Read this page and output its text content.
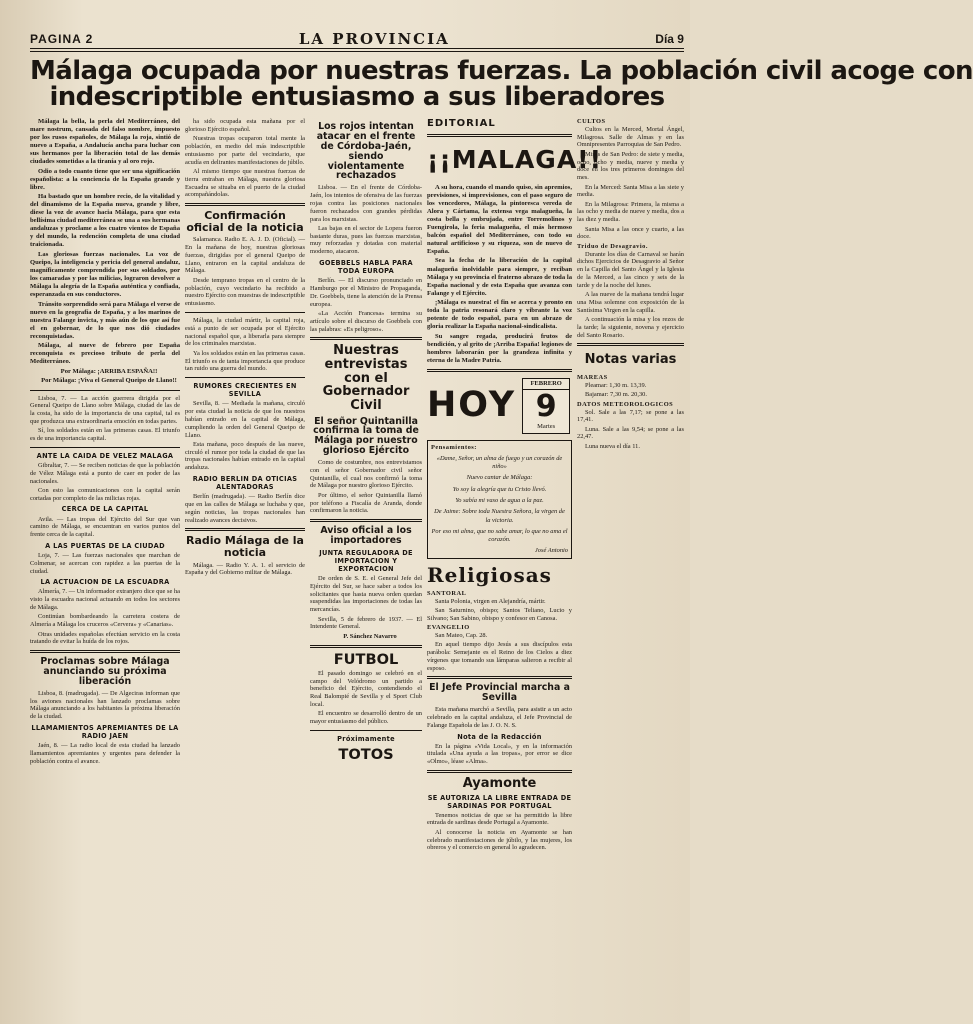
PAGINA 2	LA PROVINCIA	Día 9
Málaga ocupada por nuestras fuerzas. La población civil acoge con
indescriptible entusiasmo a sus liberadores

Málaga la bella, la perla del Mediterráneo, del mare nostrum, cansada del falso nombre, impuesto por los rusos españoles, de Málaga la roja, sintió de nuevo a España, a Andalucía ancha para luchar con sus hermanos por la liberación total de las demás ciudades sometidas a la tiranía y al oro rojo.

Odio a todo cuanto tiene que ser una significación españolista: a la conciencia de la España grande y libre.

Ha bastado que un hombre recio, de la vitalidad y del dinamismo de la España nueva, grande y libre, diese la voz de avance hacia Málaga, para que esta bellísima ciudad mediterránea se una a sus hermanas andaluzas y proclame a los cuatro vientos de España y del mundo, la redención completa de una ciudad traicionada.

Las gloriosas fuerzas nacionales. La voz de Queipo, la inteligencia y pericia del general andaluz, magníficamente comprendida por sus soldados, por los camaradas y por las milicias, lograron devolver a Málaga la alegría de la España auténtica y confiada, esperanzada en sus conductores.

Tránsito sorprendido será para Málaga el verse de nuevo en la geografía de España, y a los marinos de nuestra Falange invicta, y más aún de los que así fue el en gobernar, de lo que nos dió ciudades reconquistadas.

Málaga, al nueve de febrero por España reconquista es precioso tributo de perla del Mediterráneo.

Por Málaga: ¡ARRIBA ESPAÑA!!

Por Málaga: ¡Viva el General Queipo de Llano!!

Lisboa, 7. — La acción guerrera dirigida por el General Queipo de Llano sobre Málaga, ciudad de las de la costa, ha sido de la importancia de una capital, tal es que produzca una extraordinaria emoción en todas partes.

Sí, los soldados están en las primeras casas. El triunfo es de una importancia capital.

ANTE LA CAIDA DE VELEZ MALAGA

Gibraltar, 7. — Se reciben noticias de que la población de Vélez Málaga está a punto de caer en poder de las nacionales.

Con esto las comunicaciones con la capital serán cortadas por completo de las milicias rojas.

CERCA DE LA CAPITAL

Avila. — Las tropas del Ejército del Sur que van camino de Málaga, se encuentran en varios puntos del frente cerca de la capital.

A LAS PUERTAS DE LA CIUDAD

Loja, 7. — Las fuerzas nacionales que marchan de Colmenar, se acercan con rapidez a las puertas de la ciudad.

LA ACTUACION DE LA ESCUADRA

Almería, 7. — Un informador extranjero dice que se ha visto la escuadra nacional actuando en todos los sectores de Málaga.

Continúan bombardeando la carretera costera de Almería a Málaga los cruceros «Cervera» y «Canarias».

Otras unidades españolas efectúan servicio en la costa tratando de evitar la huída de los rojos.

Proclamas sobre Málaga anunciando su próxima liberación

Lisboa, 8. (madrugada). — De Algeciras informan que los aviones nacionales han lanzado proclamas sobre Málaga anunciando a los habitantes la próxima liberación de la ciudad.

LLAMAMIENTOS APREMIANTES DE LA RADIO JAEN

Jaén, 8. — La radio local de esta ciudad ha lanzado llamamientos apremiantes y urgentes para defender la población contra el avance.

ha sido ocupada esta mañana por el glorioso Ejército español.

Nuestras tropas ocuparon total mente la población, en medio del más indescriptible entusiasmo por parte del vecindario, que acudía en delirantes manifestaciones de júbilo.

Al mismo tiempo que nuestras fuerzas de tierra entraban en Málaga, nuestra gloriosa Escuadra se situaba en el puerto de la ciudad acompañándolas.

Confirmación oficial de la noticia

Salamanca. Radio E. A. J. D. (Oficial). — En la mañana de hoy, nuestras gloriosas fuerzas, dirigidas por el general Queipo de Llano, entraron en la capital andaluza de Málaga.

Desde temprano tropas en el centro de la población, cuyo vecindario ha recibido a nuestro Ejército con muestras de indescriptible entusiasmo.

Málaga, la ciudad mártir, la capital roja, está a punto de ser ocupada por el Ejército nacional español que, a liberarla para siempre de los criminales marxistas.

Ya los soldados están en las primeras casas. El triunfo es de tanta importancia que produce tan ruido una guerra del mundo.

RUMORES CRECIENTES EN SEVILLA

Sevilla, 8. — Mediada la mañana, circuló por esta ciudad la noticia de que los nuestros habían entrado en la capital de Málaga, cumpliendo la orden del General Queipo de Llano.

Esta mañana, poco después de las nueve, circuló el rumor por toda la ciudad de que las tropas nacionales habían entrado en la capital andaluza.

RADIO BERLIN DA OTICIAS ALENTADORAS

Berlín (madrugada). — Radio Berlín dice que en las calles de Málaga se luchaba y que, según noticias, las tropas nacionales han realizado avances decisivos.

Radio Málaga de la noticia

Málaga. — Radio Y. A. 1. el servicio de España y del Gobierno militar de Málaga.

Los rojos intentan atacar en el frente de Córdoba-Jaén, siendo violentamente rechazados

Lisboa. — En el frente de Córdoba-Jaén, los intentos de ofensiva de las fuerzas rojas contra las posiciones nacionales fueron rechazados con grandes pérdidas para los marxistas.

Las bajas en el sector de Lopera fueron bastante duras, pues las fuerzas marxistas, muy reforzadas y dotadas con material moderno, atacaron.

GOEBBELS HABLA PARA TODA EUROPA

Berlín. — El discurso pronunciado en Hamburgo por el Ministro de Propaganda, Dr. Goebbels, tiene la atención de la Prensa europea.

«La Acción Francesa» termina su artículo sobre el discurso de Goebbels con las palabras: «Es peligroso».

Nuestras entrevistas con el Gobernador Civil
El señor Quintanilla confirma la toma de Málaga por nuestro glorioso Ejército

Como de costumbre, nos entrevistamos con el señor Gobernador civil señor Quintanilla, el cual nos confirmó la toma de Málaga por nuestro glorioso Ejército.

Por último, el señor Quintanilla llamó por teléfono a Fiscalía de Aranda, donde confirmaron la noticia.

Aviso oficial a los importadores
JUNTA REGULADORA DE IMPORTACION Y EXPORTACION

De orden de S. E. el General Jefe del Ejército del Sur, se hace saber a todos los solicitantes que hasta nueva orden quedan suspendidas las importaciones de todas las mercancías.

Sevilla, 5 de febrero de 1937. — El Intendente General.

P. Sánchez Navarro

FUTBOL

El pasado domingo se celebró en el campo del Velódromo un partido a beneficio del Ejército, contendiendo el Real Balompié de Sevilla y el Sport Club local.

El encuentro se desarrolló dentro de un mayor entusiasmo del público.

Próximamente
TOTOS
EDITORIAL
¡¡MALAGA!!

A su hora, cuando el mando quiso, sin apremios, previsiones, si imprevisiones, con el paso seguro de los vencedores, Málaga, la pintoresca vereda de Alora y Cártama, la extensa vega malagueña, la costa bella y embrujada, entre Torremolinos y Fuengirola, la feria malagueña, el más hermoso balcón español del Mediterráneo, con todo su natural artificioso y su riqueza, son de nuevo de España.

Sea la fecha de la liberación de la capital malagueña inolvidable para siempre, y reciban Málaga y su provincia el fraterno abrazo de toda la España nacional y de esta España que avanza con Falange y el Ejército.

¡Málaga es nuestra! el fin se acerca y pronto en toda la patria resonará claro y vibrante la voz potente de todo español, para en un abrazo de gloria realizar la España nacional-sindicalista.

Su sangre regada, producirá frutos de bendición, y al grito de ¡Arriba España! legiones de hombres laborarán por la grandeza infinita y eterna de la Madre Patria.

HOY
FEBRERO
9
Martes
Pensamientos:
«Dame, Señor, un alma de fuego y un corazón de niño»
Nuevo cantar de Málaga:
Yo soy la alegría que tu Cristo llevó.
Yo sabía mi vaso de agua a la paz.
De Jaime: Sobre toda Nuestra Señora, la virgen de la victoria.
Por eso mi alma, que no sabe amar, lo que no ama el corazón.
José Antonio
Religiosas
SANTORAL

Santa Polonia, virgen en Alejandría, mártir.

San Saturnino, obispo; Santos Teliano, Lucio y Silvano; San Sabino, obispo y confesor en Canosa.

EVANGELIO

San Mateo, Cap. 28.

En aquel tiempo dijo Jesús a sus discípulos esta parábola: Semejante es el Reino de los Cielos a diez vírgenes que tomando sus lámparas salieron a recibir al esposo.

El Jefe Provincial marcha a Sevilla

Esta mañana marchó a Sevilla, para asistir a un acto celebrado en la capital andaluza, el Jefe Provincial de Falange Española de las J. O. N. S.

Nota de la Redacción

En la página «Vida Local», y en la información titulada «Una ayuda a las tropas», por error se dice «Olmo», léase «Alma».

Ayamonte
SE AUTORIZA LA LIBRE ENTRADA DE SARDINAS POR PORTUGAL

Tenemos noticias de que se ha permitido la libre entrada de sardinas desde Portugal a Ayamonte.

Al conocerse la noticia en Ayamonte se han celebrado manifestaciones de júbilo, y las mujeres, los obreros y el comercio en general lo agradecen.

CULTOS

Cultos en la Merced, Mortal Ángel, Milagrosa. Salle de Almas y en las Omnipresentes Parroquias de San Pedro.

Misas de San Pedro: de siete y media, ocho, ocho y media, nueve y media y doce en los tres primeros domingos del mes.

En la Merced: Santa Misa a las siete y media.

En la Milagrosa: Primera, la misma a las ocho y media de nueve y media, dos a las diez y media.

Santa Misa a las once y cuarto, a las doce.

Triduo de Desagravio.

Durante los días de Carnaval se harán dichos Ejercicios de Desagravio al Señor en la Capilla del Santo Ángel y la Iglesia de la Merced, a las cinco y seis de la tarde y de la noche del lunes.

A las nueve de la mañana tendrá lugar una Misa solemne con exposición de la Santísima Virgen en la capilla.

A continuación la misa y los rezos de la tarde; la siguiente, novena y ejercicio del Santo Rosario.

Notas varias
MAREAS

Pleamar: 1,30 m. 13,39.

Bajamar: 7,30 m. 20,30.

DATOS METEOROLOGICOS

Sol. Sale a las 7,17; se pone a las 17,41.

Luna. Sale a las 9,54; se pone a las 22,47.

Luna nueva el día 11.
